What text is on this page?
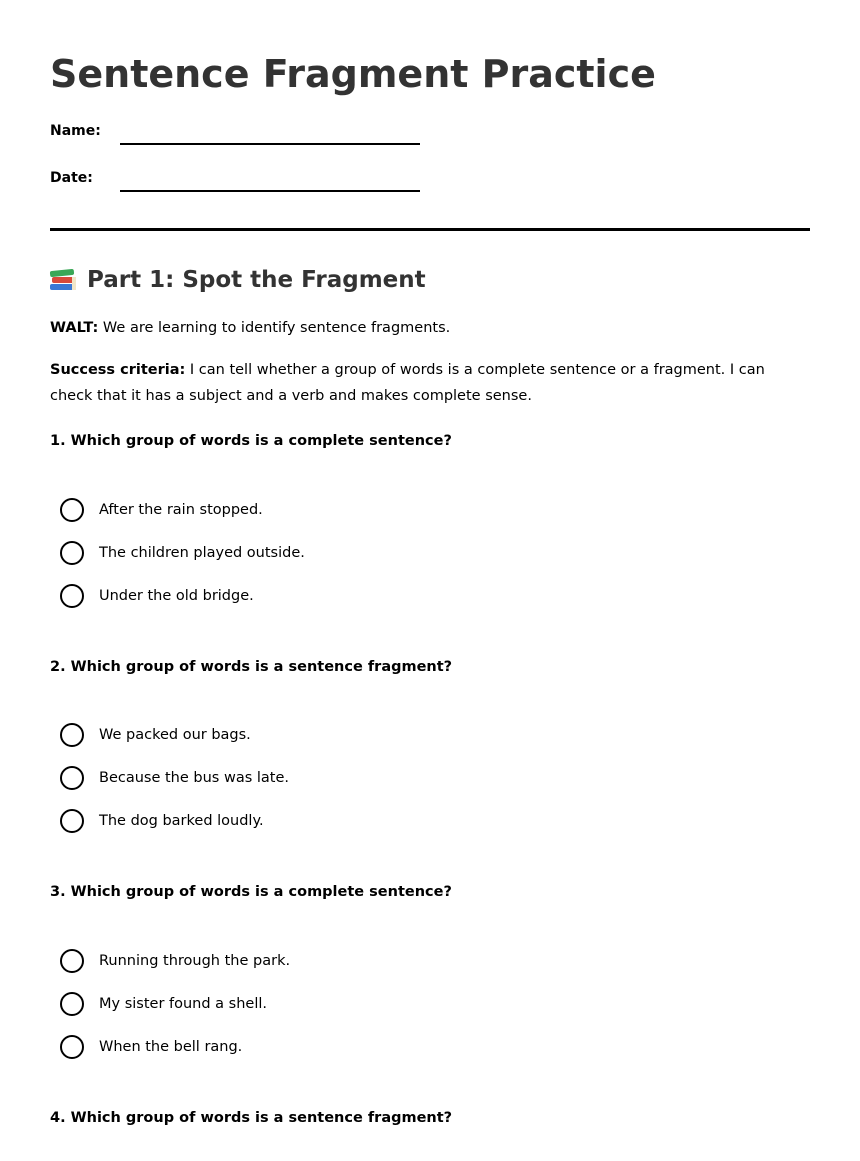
Sentence Fragment Practice
Name:
Date:
Part 1: Spot the Fragment

WALT: We are learning to identify sentence fragments.

Success criteria: I can tell whether a group of words is a complete sentence or a fragment. I can check that it has a subject and a verb and makes complete sense.

1. Which group of words is a complete sentence?

After the rain stopped.
The children played outside.
Under the old bridge.

2. Which group of words is a sentence fragment?

We packed our bags.
Because the bus was late.
The dog barked loudly.

3. Which group of words is a complete sentence?

Running through the park.
My sister found a shell.
When the bell rang.

4. Which group of words is a sentence fragment?
